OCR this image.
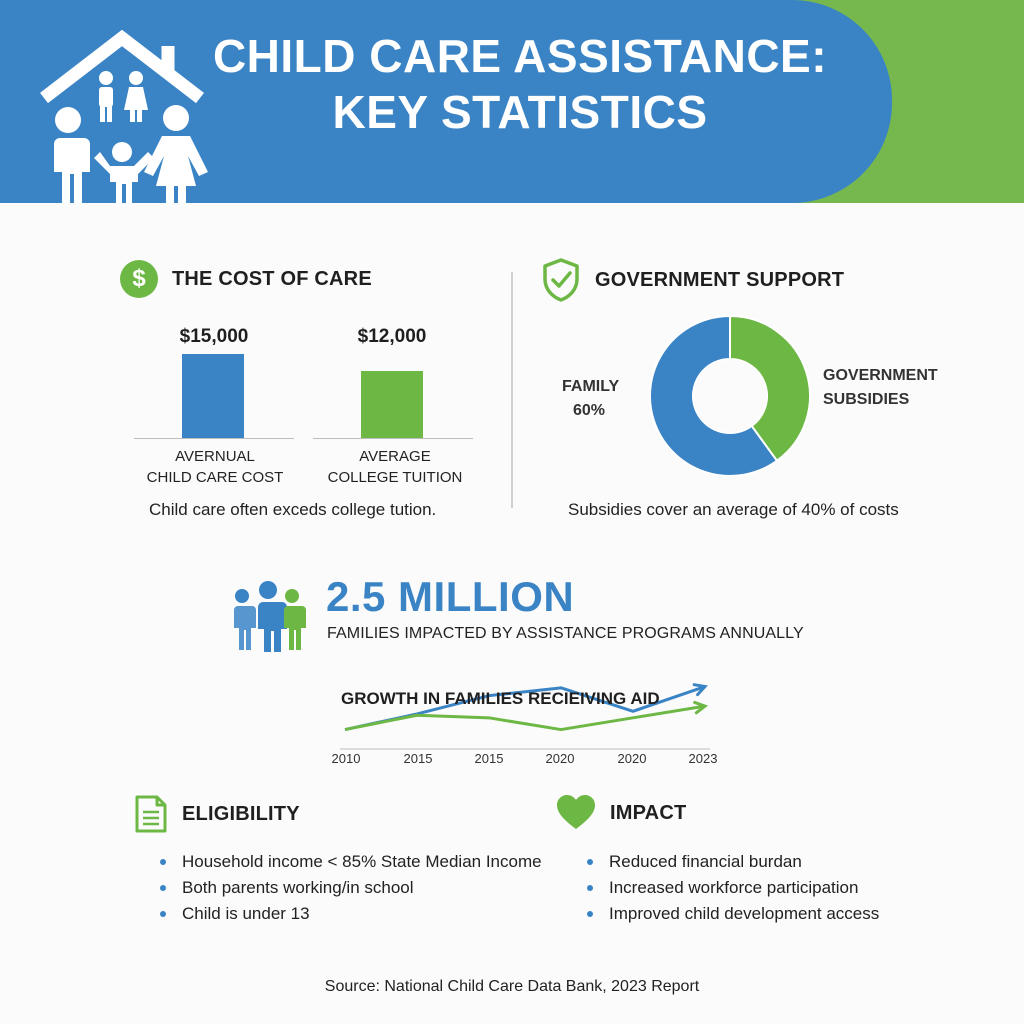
CHILD CARE ASSISTANCE:
KEY STATISTICS
$	THE COST OF CARE
$15,000	$12,000
AVERNUAL
CHILD CARE COST
AVERAGE
COLLEGE TUITION
Child care often exceds college tution.
GOVERNMENT SUPPORT
FAMILY
60%
GOVERNMENT
SUBSIDIES
Subsidies cover an average of 40% of costs
2.5 MILLION
FAMILIES IMPACTED BY ASSISTANCE PROGRAMS ANNUALLY
GROWTH IN FAMILIES RECIEIVING AID
2010	2015	2015	2020	2020	2023
ELIGIBILITY
Household income < 85% State Median Income
Both parents working/in school
Child is under 13
IMPACT
Reduced financial burdan
Increased workforce participation
Improved child development access
Source: National Child Care Data Bank, 2023 Report
